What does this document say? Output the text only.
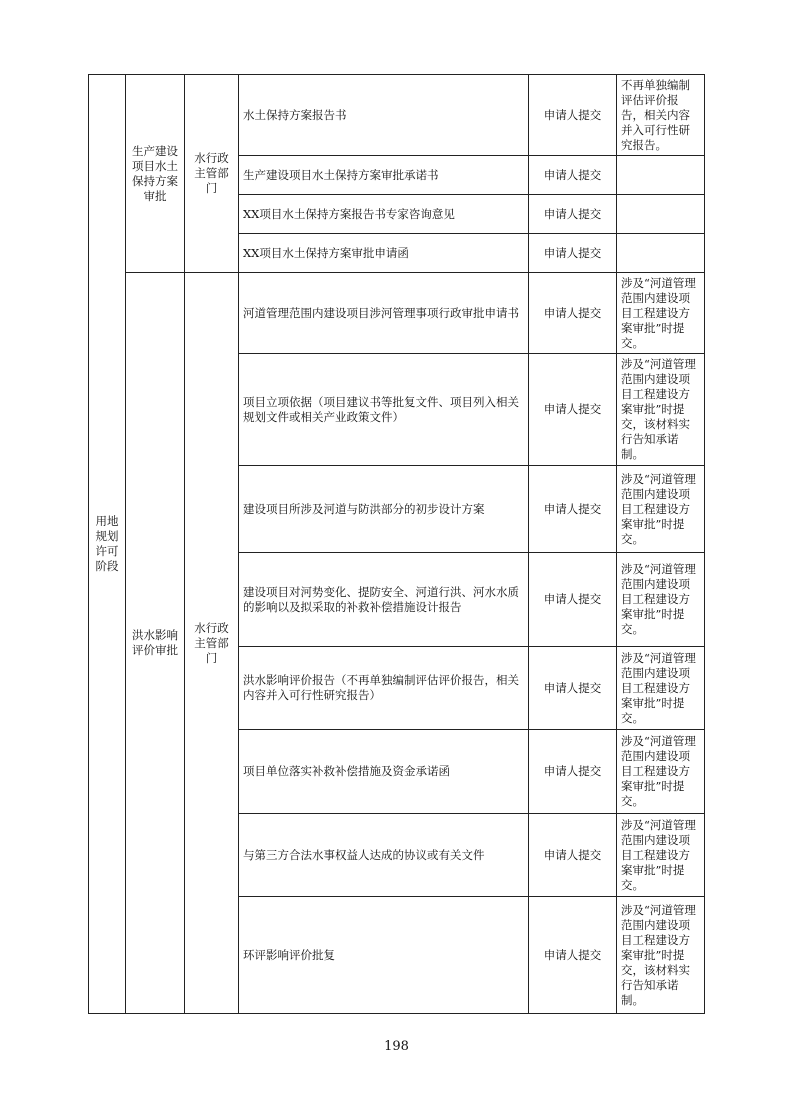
用地规划许可阶段	生产建设项目水土保持方案审批	水行政主管部门	水土保持方案报告书	申请人提交	不再单独编制评估评价报告，相关内容并入可行性研究报告。
			生产建设项目水土保持方案审批承诺书	申请人提交	
			XX项目水土保持方案报告书专家咨询意见	申请人提交	
			XX项目水土保持方案审批申请函	申请人提交	
	洪水影响评价审批	水行政主管部门	河道管理范围内建设项目涉河管理事项行政审批申请书	申请人提交	涉及“河道管理范围内建设项目工程建设方案审批”时提交。
			项目立项依据（项目建议书等批复文件、项目列入相关规划文件或相关产业政策文件）	申请人提交	涉及“河道管理范围内建设项目工程建设方案审批”时提交，该材料实行告知承诺制。
			建设项目所涉及河道与防洪部分的初步设计方案	申请人提交	涉及“河道管理范围内建设项目工程建设方案审批”时提交。
			建设项目对河势变化、提防安全、河道行洪、河水水质的影响以及拟采取的补救补偿措施设计报告	申请人提交	涉及“河道管理范围内建设项目工程建设方案审批”时提交。
			洪水影响评价报告（不再单独编制评估评价报告，相关内容并入可行性研究报告）	申请人提交	涉及“河道管理范围内建设项目工程建设方案审批”时提交。
			项目单位落实补救补偿措施及资金承诺函	申请人提交	涉及“河道管理范围内建设项目工程建设方案审批”时提交。
			与第三方合法水事权益人达成的协议或有关文件	申请人提交	涉及“河道管理范围内建设项目工程建设方案审批”时提交。
			环评影响评价批复	申请人提交	涉及“河道管理范围内建设项目工程建设方案审批”时提交，该材料实行告知承诺制。
198
